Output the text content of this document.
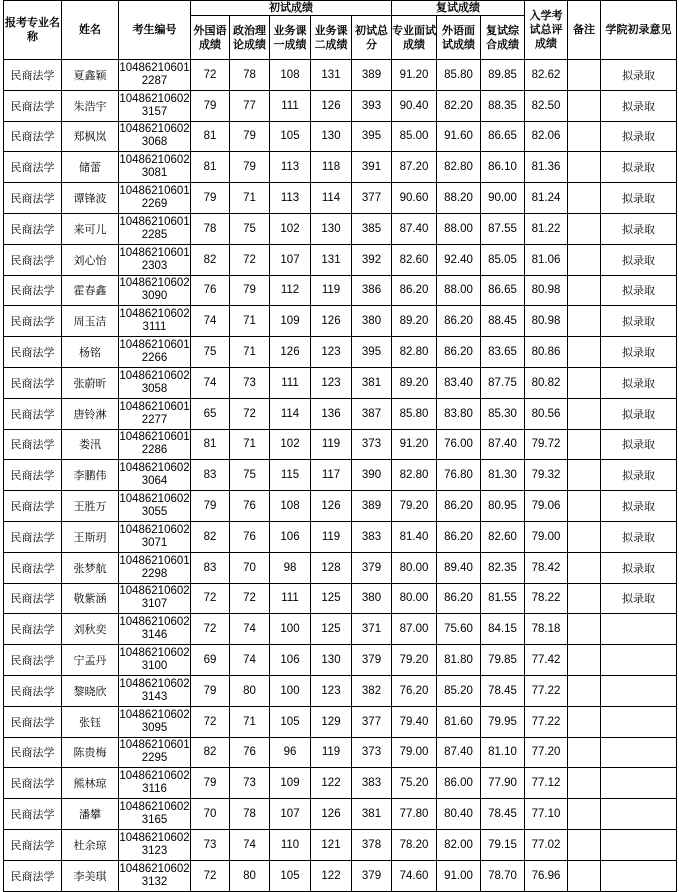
报考专业名称	姓名	考生编号	初试成绩					复试成绩			入学考试总评成绩	备注	学院初录意见
			外国语成绩	政治理论成绩	业务课一成绩	业务课二成绩	初试总分	专业面试成绩	外语面试成绩	复试综合成绩			
民商法学	夏鑫颖	104862106012287	72	78	108	131	389	91.20	85.80	89.85	82.62		拟录取
民商法学	朱浩宇	104862106023157	79	77	111	126	393	90.40	82.20	88.35	82.50		拟录取
民商法学	郑枫岚	104862106023068	81	79	105	130	395	85.00	91.60	86.65	82.06		拟录取
民商法学	储蕾	104862106023081	81	79	113	118	391	87.20	82.80	86.10	81.36		拟录取
民商法学	谭锋波	104862106012269	79	71	113	114	377	90.60	88.20	90.00	81.24		拟录取
民商法学	来可儿	104862106012285	78	75	102	130	385	87.40	88.00	87.55	81.22		拟录取
民商法学	刘心怡	104862106012303	82	72	107	131	392	82.60	92.40	85.05	81.06		拟录取
民商法学	霍春鑫	104862106023090	76	79	112	119	386	86.20	88.00	86.65	80.98		拟录取
民商法学	周玉洁	104862106023111	74	71	109	126	380	89.20	86.20	88.45	80.98		拟录取
民商法学	杨铭	104862106012266	75	71	126	123	395	82.80	86.20	83.65	80.86		拟录取
民商法学	张蔚昕	104862106023058	74	73	111	123	381	89.20	83.40	87.75	80.82		拟录取
民商法学	唐铃淋	104862106012277	65	72	114	136	387	85.80	83.80	85.30	80.56		拟录取
民商法学	娄汛	104862106012286	81	71	102	119	373	91.20	76.00	87.40	79.72		拟录取
民商法学	李鹏伟	104862106023064	83	75	115	117	390	82.80	76.80	81.30	79.32		拟录取
民商法学	王胜万	104862106023055	79	76	108	126	389	79.20	86.20	80.95	79.06		拟录取
民商法学	王斯玥	104862106023071	82	76	106	119	383	81.40	86.20	82.60	79.00		拟录取
民商法学	张梦航	104862106012298	83	70	98	128	379	80.00	89.40	82.35	78.42		拟录取
民商法学	敬紫涵	104862106023107	72	72	111	125	380	80.00	86.20	81.55	78.22		拟录取
民商法学	刘秋奕	104862106023146	72	74	100	125	371	87.00	75.60	84.15	78.18		
民商法学	宁孟丹	104862106023100	69	74	106	130	379	79.20	81.80	79.85	77.42		
民商法学	黎晓欣	104862106023143	79	80	100	123	382	76.20	85.20	78.45	77.22		
民商法学	张钰	104862106023095	72	71	105	129	377	79.40	81.60	79.95	77.22		
民商法学	陈贵梅	104862106012295	82	76	96	119	373	79.00	87.40	81.10	77.20		
民商法学	熊林琼	104862106023116	79	73	109	122	383	75.20	86.00	77.90	77.12		
民商法学	潘攀	104862106023165	70	78	107	126	381	77.80	80.40	78.45	77.10		
民商法学	杜余琼	104862106023123	73	74	110	121	378	78.20	82.00	79.15	77.02		
民商法学	李美琪	104862106023132	72	80	105	122	379	74.60	91.00	78.70	76.96		
